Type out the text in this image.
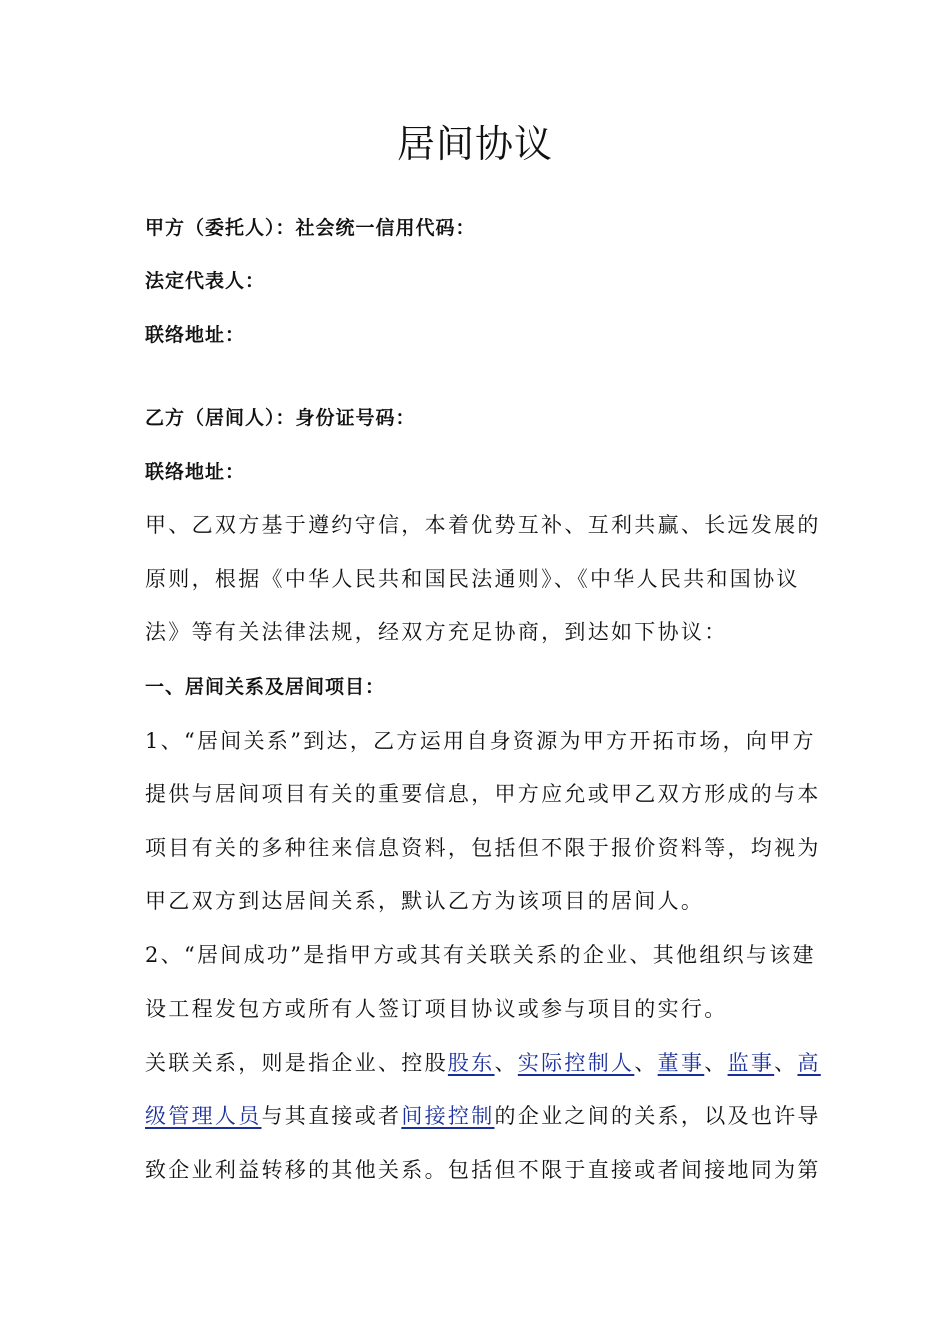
居间协议

甲方（委托人）：社会统一信用代码：

法定代表人：

联络地址：

乙方（居间人）：身份证号码：

联络地址：

甲、乙双方基于遵约守信，本着优势互补、互利共赢、长远发展的

原则，根据《中华人民共和国民法通则》、《中华人民共和国协议

法》等有关法律法规，经双方充足协商，到达如下协议：

一、居间关系及居间项目：

1、“居间关系”到达，乙方运用自身资源为甲方开拓市场，向甲方

提供与居间项目有关的重要信息，甲方应允或甲乙双方形成的与本

项目有关的多种往来信息资料，包括但不限于报价资料等，均视为

甲乙双方到达居间关系，默认乙方为该项目的居间人。

2、“居间成功”是指甲方或其有关联关系的企业、其他组织与该建

设工程发包方或所有人签订项目协议或参与项目的实行。

关联关系，则是指企业、控股股东、实际控制人、董事、监事、高

级管理人员与其直接或者间接控制的企业之间的关系，以及也许导

致企业利益转移的其他关系。包括但不限于直接或者间接地同为第
